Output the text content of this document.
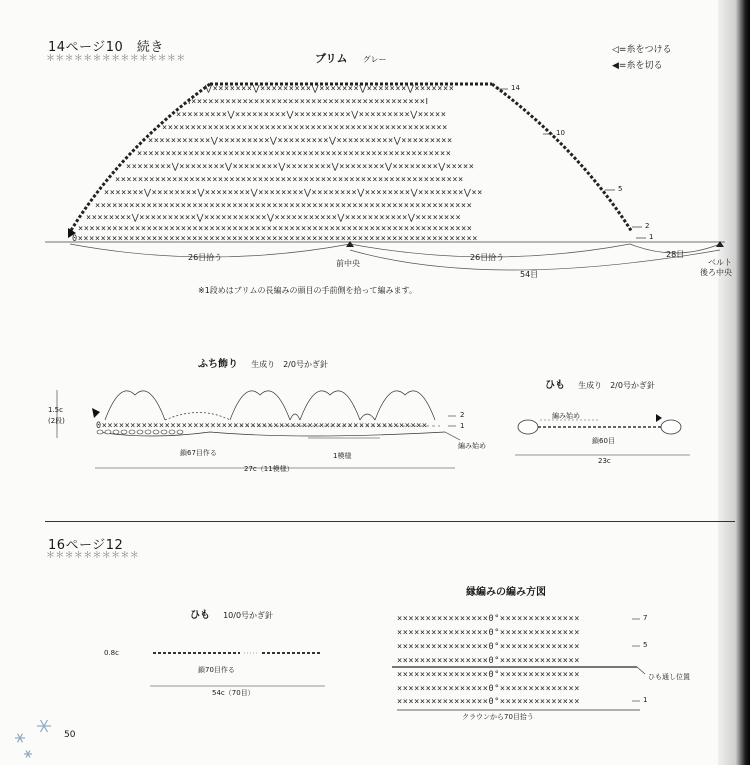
14ページ10　続き
＊＊＊＊＊＊＊＊＊＊＊＊＊＊＊
◁=糸をつける
◀=糸を切る
ブリム グレー
⋁×××××××⋁×××××××××⋁×××××××⋁×××××××⋁×××××××
Ⅰ×××××××××××××××××××××××××××××××××××××××××Ⅰ
×××××××××⋁×××××××××⋁××××××××××⋁×××××××××⋁×××××
××××××××××××××××××××××××××××××××××××××××××××××××××
×××××××××××⋁×××××××××⋁×××××××××⋁××××××××××⋁×××××××××
×××××××××××××××××××××××××××××××××××××××××××××××××××××××
××××××××⋁××××××××⋁××××××××⋁××××××××⋁××××××××⋁××××××××⋁×××××
×××××××××××××××××××××××××××××××××××××××××××××××××××××××××××××
×××××××⋁××××××××⋁××××××××⋁××××××××⋁××××××××⋁××××××××⋁××××××××⋁××
××××××××××××××××××××××××××××××××××××××××××××××××××××××××××××××××××
××××××××⋁××××××××××⋁×××××××××××⋁×××××××××××⋁×××××××××××⋁××××××××
×××××××××××××××××××××××××××××××××××××××××××××××××××××××××××××××××××××
0××××××××××××××××××××××××××××××××××××××××××××××××××××××××××××××××××××××
14
10
5
2
1
26目拾う
前中央
26目拾う
54目
28目
ベルト
後ろ中央
※1段めはブリムの長編みの頭目の手前側を拾って編みます。
ふち飾り 生成り　2/0号かぎ針
1.5c
(2段)	0×××××××××××××××××××××××××××××××××××××××××××××××××××××××××
2
1
編み始め
鎖67目作る	1模様
27c（11模様）
ひも 生成り　2/0号かぎ針
編み始め
鎖60目
23c
16ページ12
＊＊＊＊＊＊＊＊＊＊
ひも 10/0号かぎ針
0.8c
鎖70目作る
54c（70目）
縁編みの編み方図
××××××××××××××××0°××××××××××××××
××××××××××××××××0°××××××××××××××
××××××××××××××××0°××××××××××××××
××××××××××××××××0°××××××××××××××
××××××××××××××××0°××××××××××××××
××××××××××××××××0°××××××××××××××
××××××××××××××××0°××××××××××××××
7
5
1
ひも通し位置
クラウンから70目拾う
50
